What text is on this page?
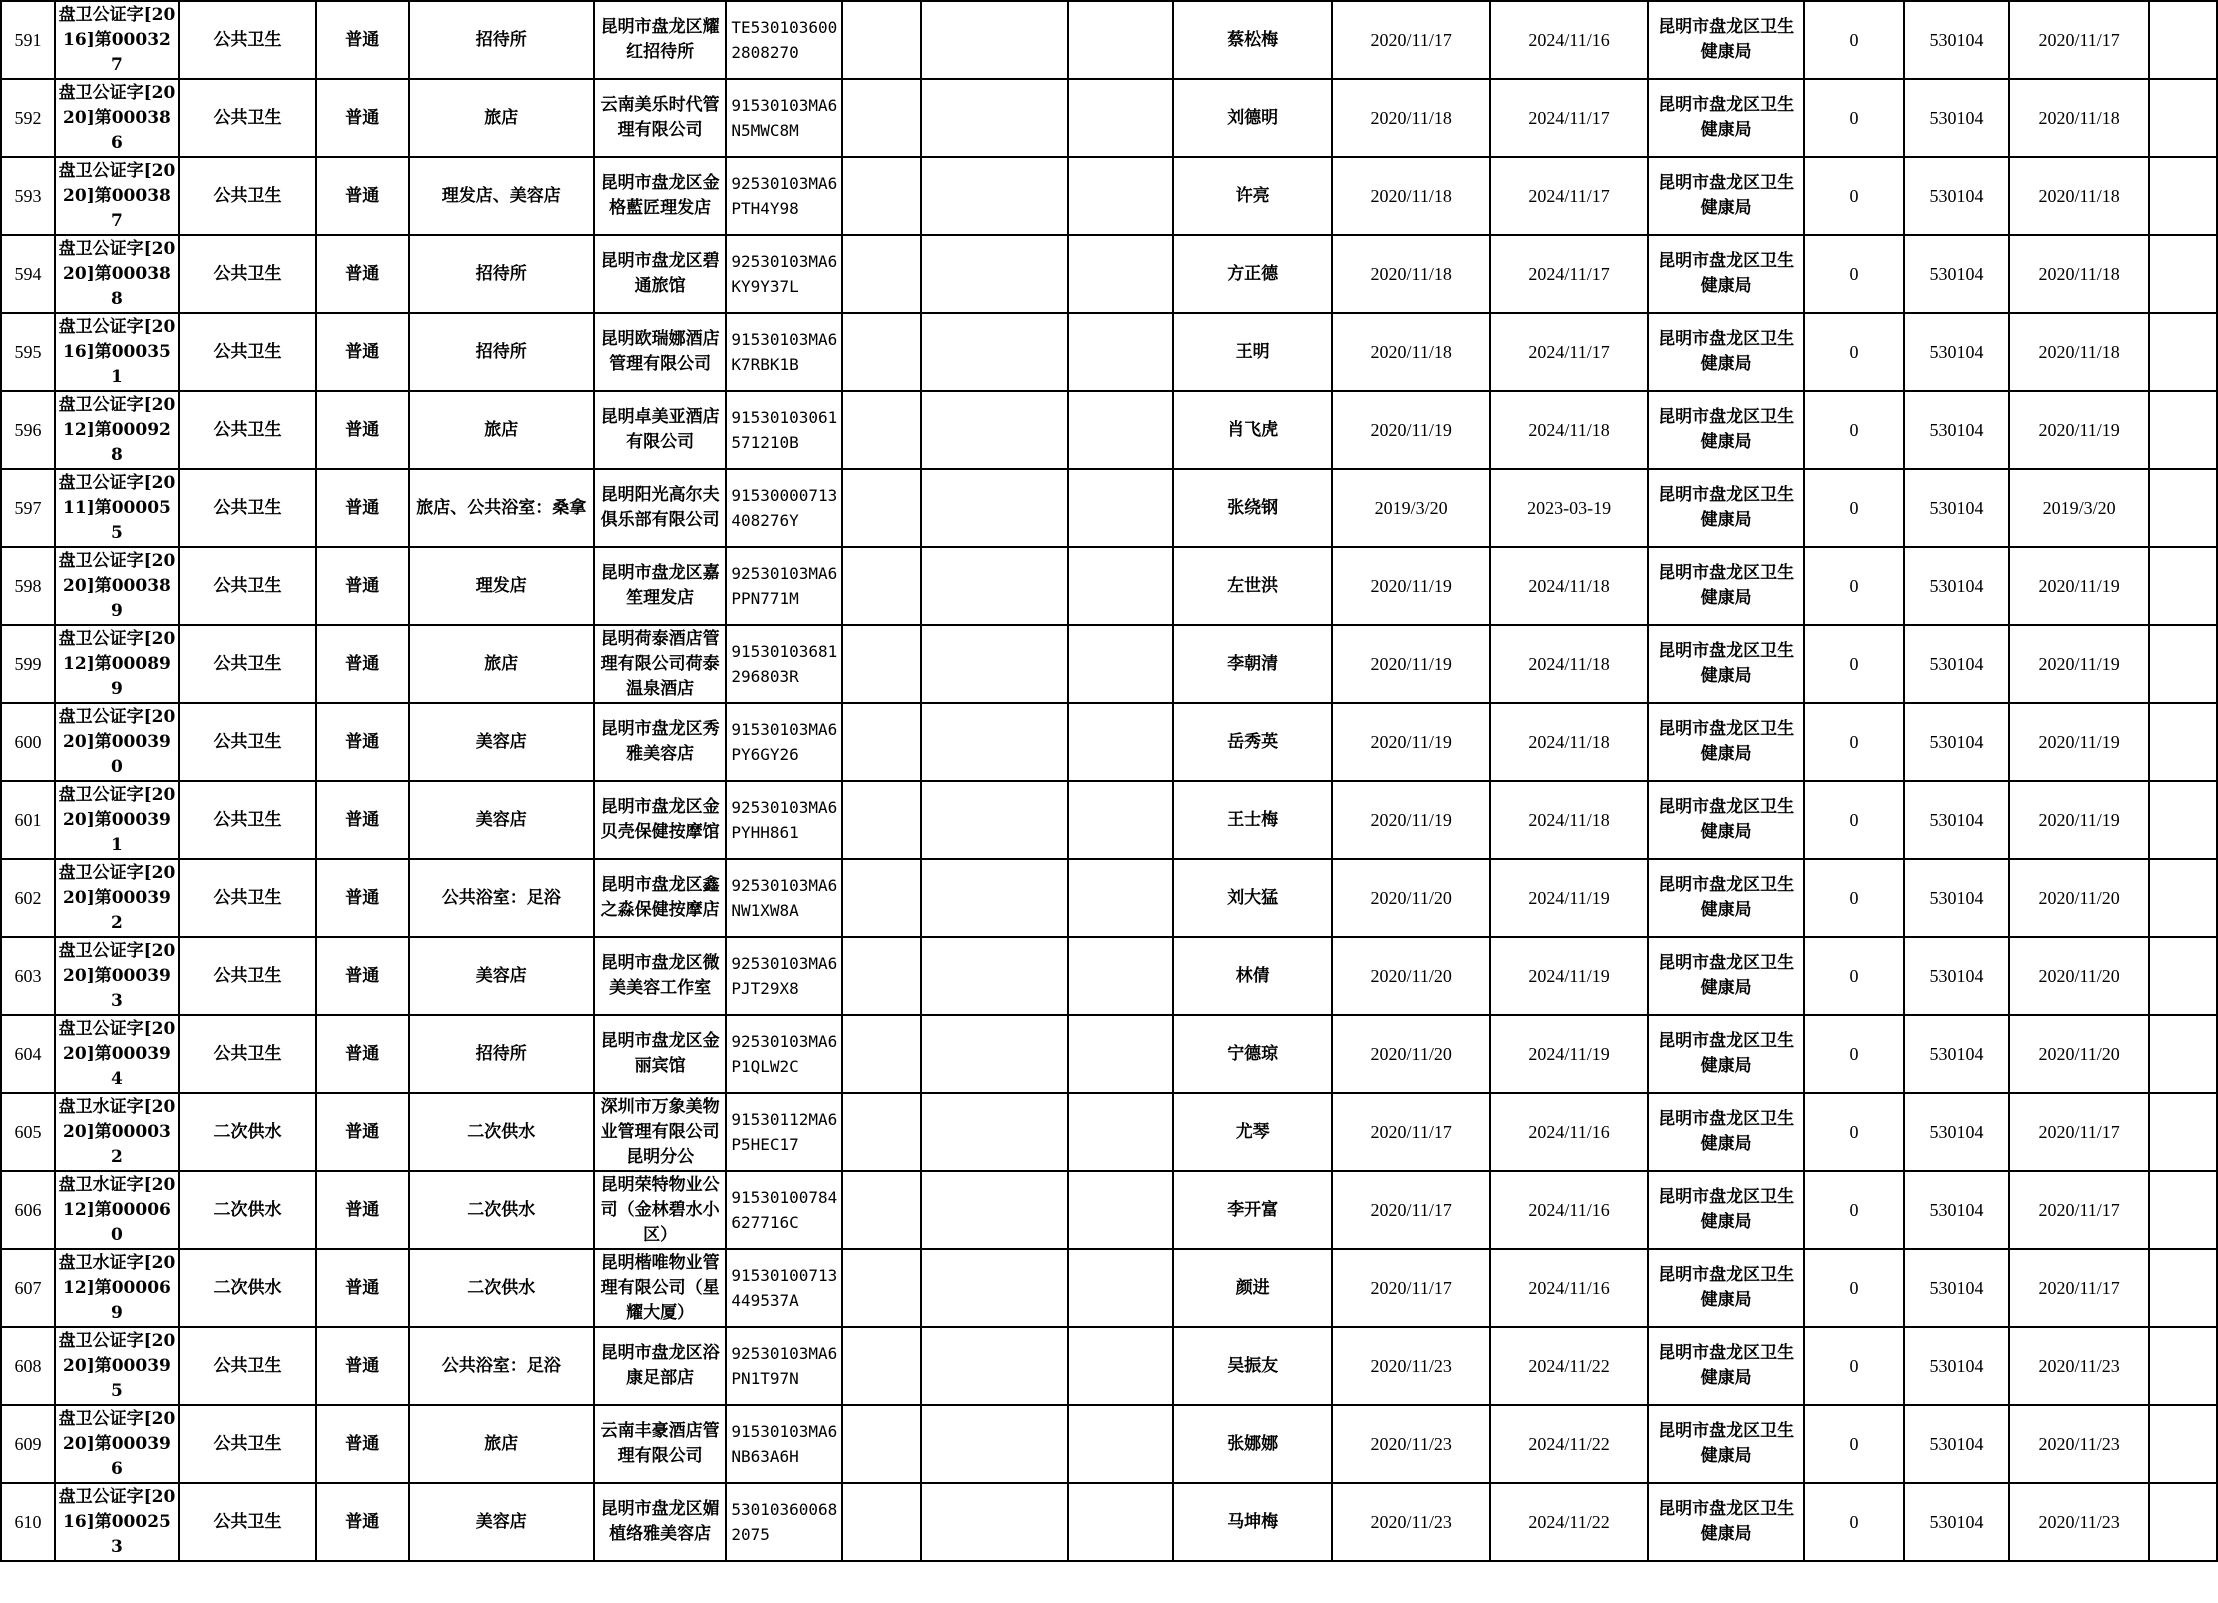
591	盘卫公证字[2016]第000327	公共卫生	普通	招待所	昆明市盘龙区耀红招待所	TE5301036002808270				蔡松梅	2020/11/17	2024/11/16	昆明市盘龙区卫生健康局	0	530104	2020/11/17	
592	盘卫公证字[2020]第000386	公共卫生	普通	旅店	云南美乐时代管理有限公司	91530103MA6N5MWC8M				刘德明	2020/11/18	2024/11/17	昆明市盘龙区卫生健康局	0	530104	2020/11/18	
593	盘卫公证字[2020]第000387	公共卫生	普通	理发店、美容店	昆明市盘龙区金格藍匠理发店	92530103MA6PTH4Y98				许亮	2020/11/18	2024/11/17	昆明市盘龙区卫生健康局	0	530104	2020/11/18	
594	盘卫公证字[2020]第000388	公共卫生	普通	招待所	昆明市盘龙区碧通旅馆	92530103MA6KY9Y37L				方正德	2020/11/18	2024/11/17	昆明市盘龙区卫生健康局	0	530104	2020/11/18	
595	盘卫公证字[2016]第000351	公共卫生	普通	招待所	昆明欧瑞娜酒店管理有限公司	91530103MA6K7RBK1B				王明	2020/11/18	2024/11/17	昆明市盘龙区卫生健康局	0	530104	2020/11/18	
596	盘卫公证字[2012]第000928	公共卫生	普通	旅店	昆明卓美亚酒店有限公司	91530103061571210B				肖飞虎	2020/11/19	2024/11/18	昆明市盘龙区卫生健康局	0	530104	2020/11/19	
597	盘卫公证字[2011]第000055	公共卫生	普通	旅店、公共浴室：桑拿	昆明阳光高尔夫俱乐部有限公司	91530000713408276Y				张绕钢	2019/3/20	2023-03-19	昆明市盘龙区卫生健康局	0	530104	2019/3/20	
598	盘卫公证字[2020]第000389	公共卫生	普通	理发店	昆明市盘龙区嘉笙理发店	92530103MA6PPN771M				左世洪	2020/11/19	2024/11/18	昆明市盘龙区卫生健康局	0	530104	2020/11/19	
599	盘卫公证字[2012]第000899	公共卫生	普通	旅店	昆明荷泰酒店管理有限公司荷泰温泉酒店	91530103681296803R				李朝清	2020/11/19	2024/11/18	昆明市盘龙区卫生健康局	0	530104	2020/11/19	
600	盘卫公证字[2020]第000390	公共卫生	普通	美容店	昆明市盘龙区秀雅美容店	91530103MA6PY6GY26				岳秀英	2020/11/19	2024/11/18	昆明市盘龙区卫生健康局	0	530104	2020/11/19	
601	盘卫公证字[2020]第000391	公共卫生	普通	美容店	昆明市盘龙区金贝壳保健按摩馆	92530103MA6PYHH861				王士梅	2020/11/19	2024/11/18	昆明市盘龙区卫生健康局	0	530104	2020/11/19	
602	盘卫公证字[2020]第000392	公共卫生	普通	公共浴室：足浴	昆明市盘龙区鑫之淼保健按摩店	92530103MA6NW1XW8A				刘大猛	2020/11/20	2024/11/19	昆明市盘龙区卫生健康局	0	530104	2020/11/20	
603	盘卫公证字[2020]第000393	公共卫生	普通	美容店	昆明市盘龙区微美美容工作室	92530103MA6PJT29X8				林倩	2020/11/20	2024/11/19	昆明市盘龙区卫生健康局	0	530104	2020/11/20	
604	盘卫公证字[2020]第000394	公共卫生	普通	招待所	昆明市盘龙区金丽宾馆	92530103MA6P1QLW2C				宁德琼	2020/11/20	2024/11/19	昆明市盘龙区卫生健康局	0	530104	2020/11/20	
605	盘卫水证字[2020]第000032	二次供水	普通	二次供水	深圳市万象美物业管理有限公司昆明分公	91530112MA6P5HEC17				尤琴	2020/11/17	2024/11/16	昆明市盘龙区卫生健康局	0	530104	2020/11/17	
606	盘卫水证字[2012]第000060	二次供水	普通	二次供水	昆明荣特物业公司（金林碧水小区）	91530100784627716C				李开富	2020/11/17	2024/11/16	昆明市盘龙区卫生健康局	0	530104	2020/11/17	
607	盘卫水证字[2012]第000069	二次供水	普通	二次供水	昆明楷唯物业管理有限公司（星耀大厦）	91530100713449537A				颜进	2020/11/17	2024/11/16	昆明市盘龙区卫生健康局	0	530104	2020/11/17	
608	盘卫公证字[2020]第000395	公共卫生	普通	公共浴室：足浴	昆明市盘龙区浴康足部店	92530103MA6PN1T97N				吴振友	2020/11/23	2024/11/22	昆明市盘龙区卫生健康局	0	530104	2020/11/23	
609	盘卫公证字[2020]第000396	公共卫生	普通	旅店	云南丰豪酒店管理有限公司	91530103MA6NB63A6H				张娜娜	2020/11/23	2024/11/22	昆明市盘龙区卫生健康局	0	530104	2020/11/23	
610	盘卫公证字[2016]第000253	公共卫生	普通	美容店	昆明市盘龙区媚植络雅美容店	530103600682075				马坤梅	2020/11/23	2024/11/22	昆明市盘龙区卫生健康局	0	530104	2020/11/23	
